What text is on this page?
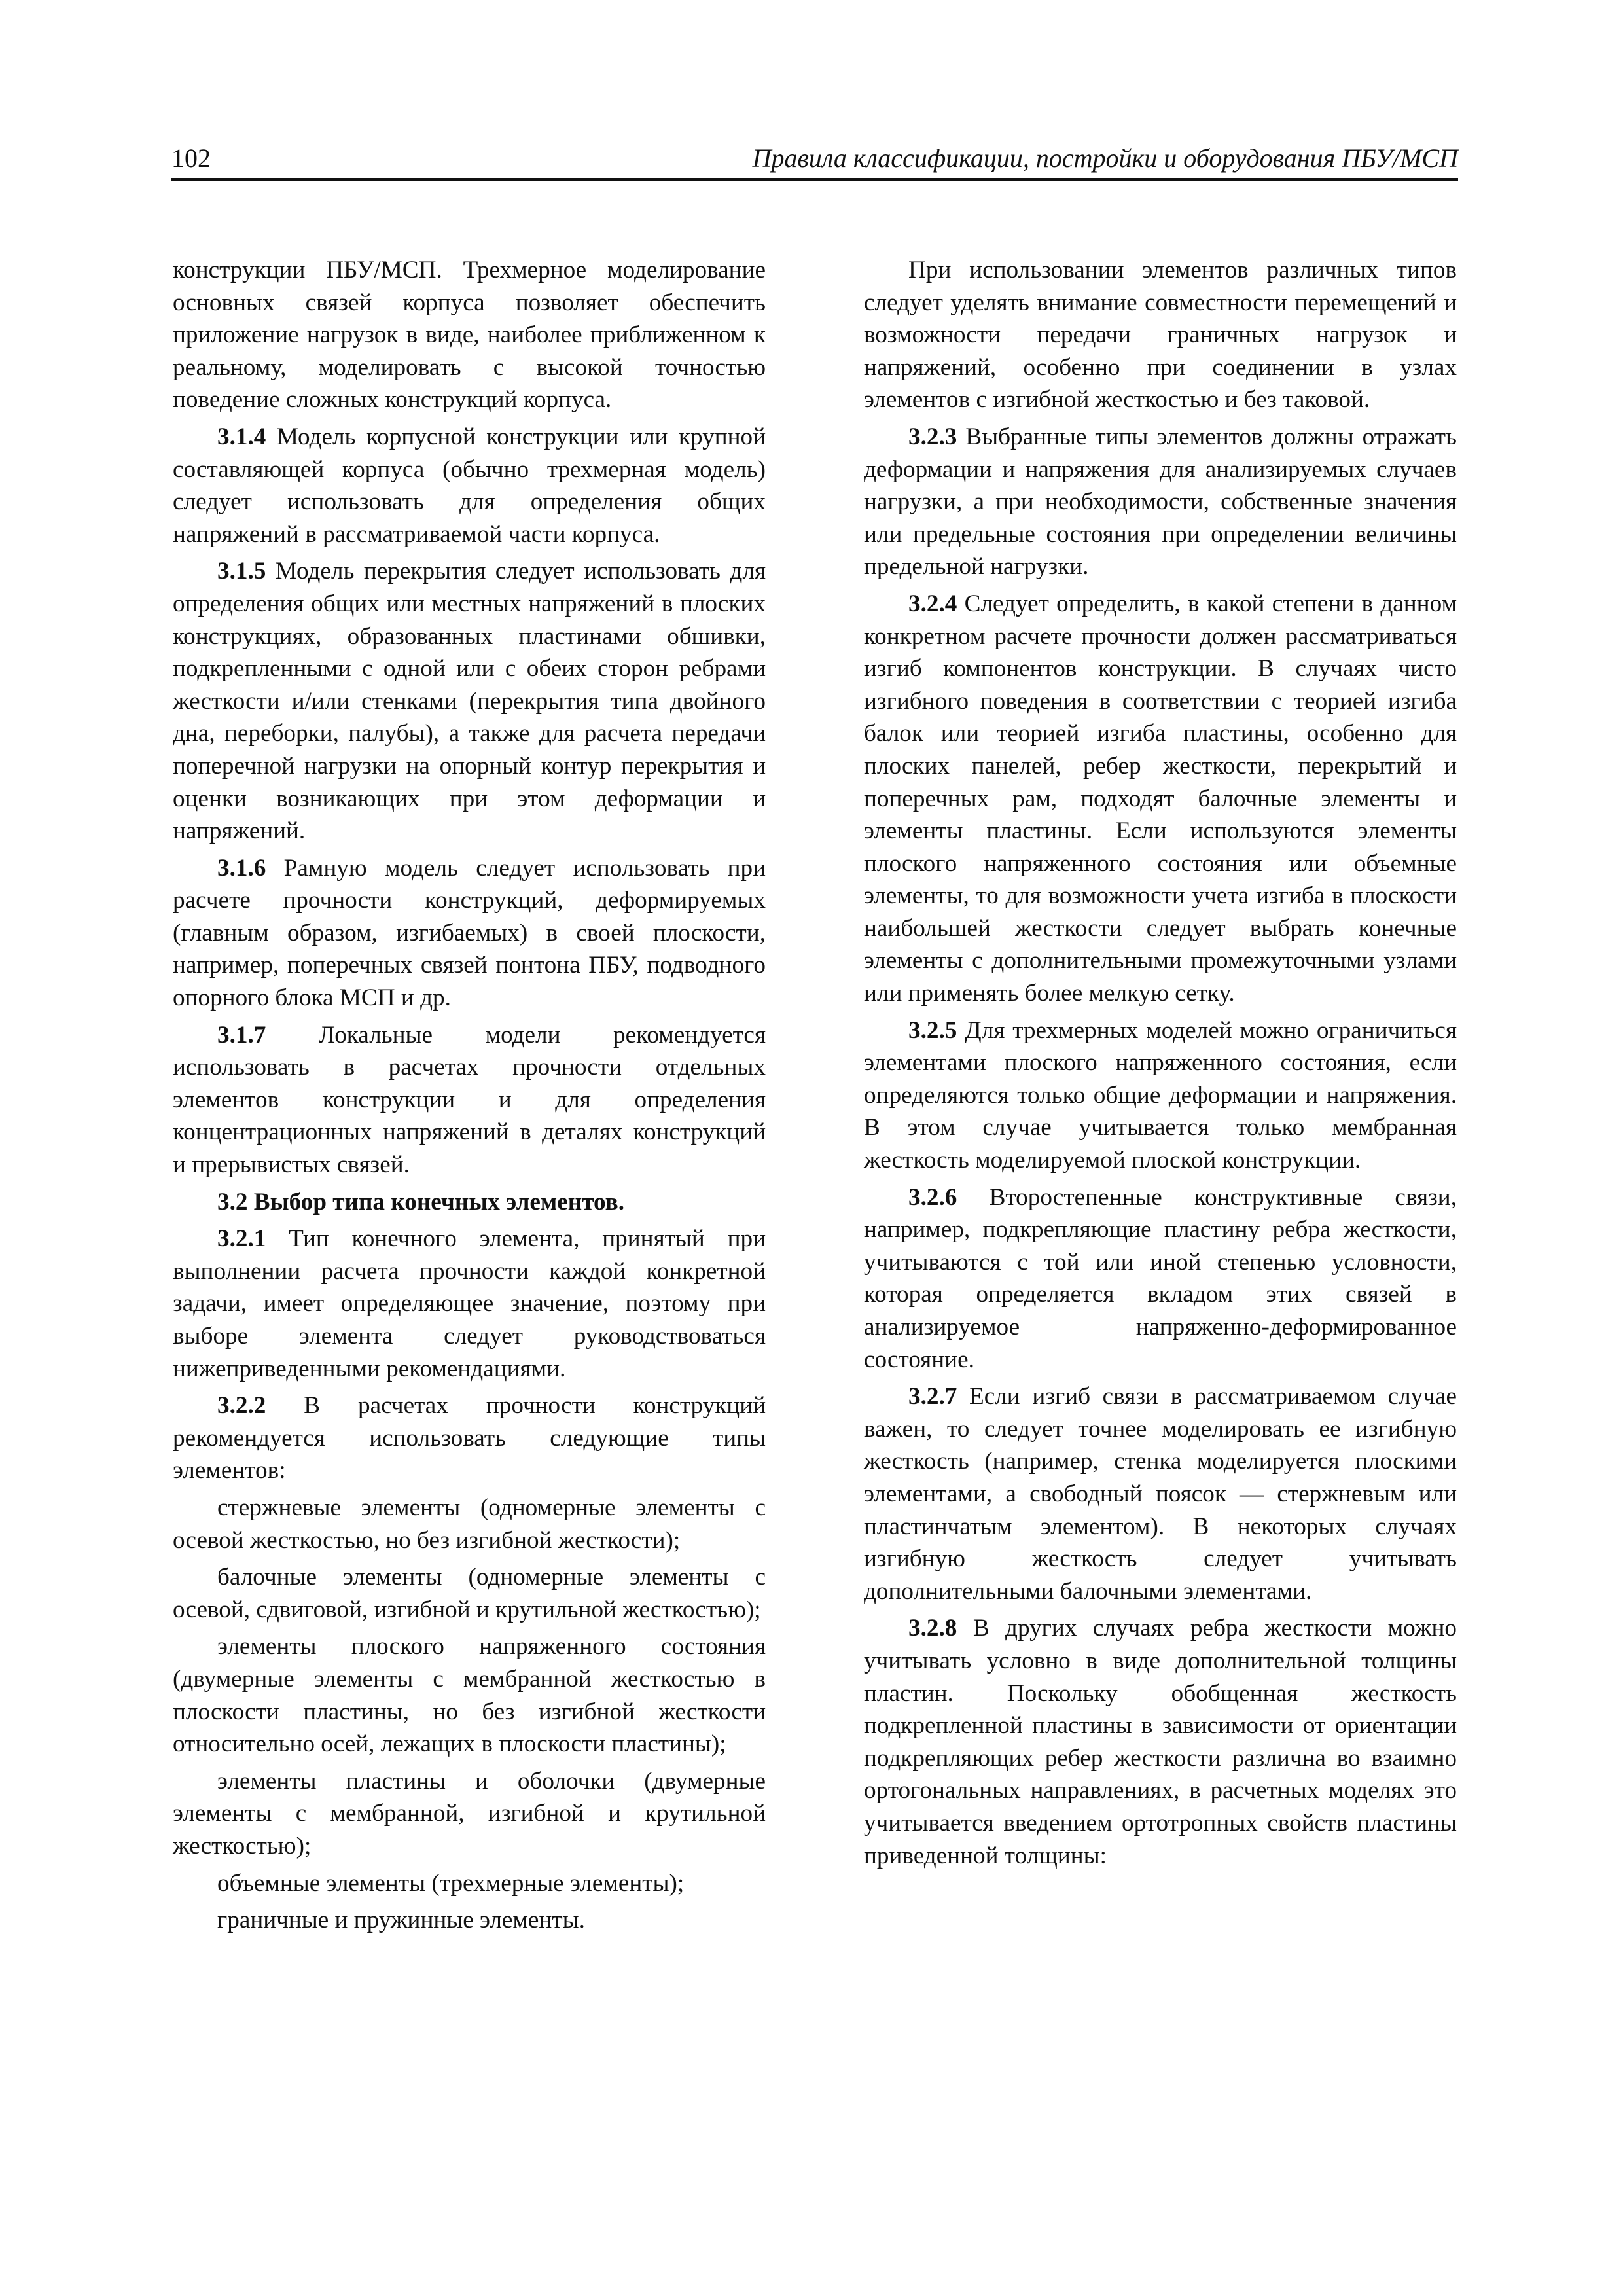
102	Правила классификации, постройки и оборудования ПБУ/МСП

конструкции ПБУ/МСП. Трехмерное моделирование основных связей корпуса позволяет обеспечить приложение нагрузок в виде, наиболее приближенном к реальному, моделировать с высокой точностью поведение сложных конструкций корпуса.

3.1.4 Модель корпусной конструкции или крупной составляющей корпуса (обычно трехмерная модель) следует использовать для определения общих напряжений в рассматриваемой части корпуса.

3.1.5 Модель перекрытия следует использовать для определения общих или местных напряжений в плоских конструкциях, образованных пластинами обшивки, подкрепленными с одной или с обеих сторон ребрами жесткости и/или стенками (перекрытия типа двойного дна, переборки, палубы), а также для расчета передачи поперечной нагрузки на опорный контур перекрытия и оценки возникающих при этом деформации и напряжений.

3.1.6 Рамную модель следует использовать при расчете прочности конструкций, деформируемых (главным образом, изгибаемых) в своей плоскости, например, поперечных связей понтона ПБУ, подводного опорного блока МСП и др.

3.1.7 Локальные модели рекомендуется использовать в расчетах прочности отдельных элементов конструкции и для определения концентрационных напряжений в деталях конструкций и прерывистых связей.

3.2 Выбор типа конечных элементов.

3.2.1 Тип конечного элемента, принятый при выполнении расчета прочности каждой конкретной задачи, имеет определяющее значение, поэтому при выборе элемента следует руководствоваться нижеприведенными рекомендациями.

3.2.2 В расчетах прочности конструкций рекомендуется использовать следующие типы элементов:

стержневые элементы (одномерные элементы с осевой жесткостью, но без изгибной жесткости);

балочные элементы (одномерные элементы с осевой, сдвиговой, изгибной и крутильной жесткостью);

элементы плоского напряженного состояния (двумерные элементы с мембранной жесткостью в плоскости пластины, но без изгибной жесткости относительно осей, лежащих в плоскости пластины);

элементы пластины и оболочки (двумерные элементы с мембранной, изгибной и крутильной жесткостью);

объемные элементы (трехмерные элементы);

граничные и пружинные элементы.

При использовании элементов различных типов следует уделять внимание совместности перемещений и возможности передачи граничных нагрузок и напряжений, особенно при соединении в узлах элементов с изгибной жесткостью и без таковой.

3.2.3 Выбранные типы элементов должны отражать деформации и напряжения для анализируемых случаев нагрузки, а при необходимости, собственные значения или предельные состояния при определении величины предельной нагрузки.

3.2.4 Следует определить, в какой степени в данном конкретном расчете прочности должен рассматриваться изгиб компонентов конструкции. В случаях чисто изгибного поведения в соответствии с теорией изгиба балок или теорией изгиба пластины, особенно для плоских панелей, ребер жесткости, перекрытий и поперечных рам, подходят балочные элементы и элементы пластины. Если используются элементы плоского напряженного состояния или объемные элементы, то для возможности учета изгиба в плоскости наибольшей жесткости следует выбрать конечные элементы с дополнительными промежуточными узлами или применять более мелкую сетку.

3.2.5 Для трехмерных моделей можно ограничиться элементами плоского напряженного состояния, если определяются только общие деформации и напряжения. В этом случае учитывается только мембранная жесткость моделируемой плоской конструкции.

3.2.6 Второстепенные конструктивные связи, например, подкрепляющие пластину ребра жесткости, учитываются с той или иной степенью условности, которая определяется вкладом этих связей в анализируемое напряженно-деформированное состояние.

3.2.7 Если изгиб связи в рассматриваемом случае важен, то следует точнее моделировать ее изгибную жесткость (например, стенка моделируется плоскими элементами, а свободный поясок — стержневым или пластинчатым элементом). В некоторых случаях изгибную жесткость следует учитывать дополнительными балочными элементами.

3.2.8 В других случаях ребра жесткости можно учитывать условно в виде дополнительной толщины пластин. Поскольку обобщенная жесткость подкрепленной пластины в зависимости от ориентации подкрепляющих ребер жесткости различна во взаимно ортогональных направлениях, в расчетных моделях это учитывается введением ортотропных свойств пластины приведенной толщины:
